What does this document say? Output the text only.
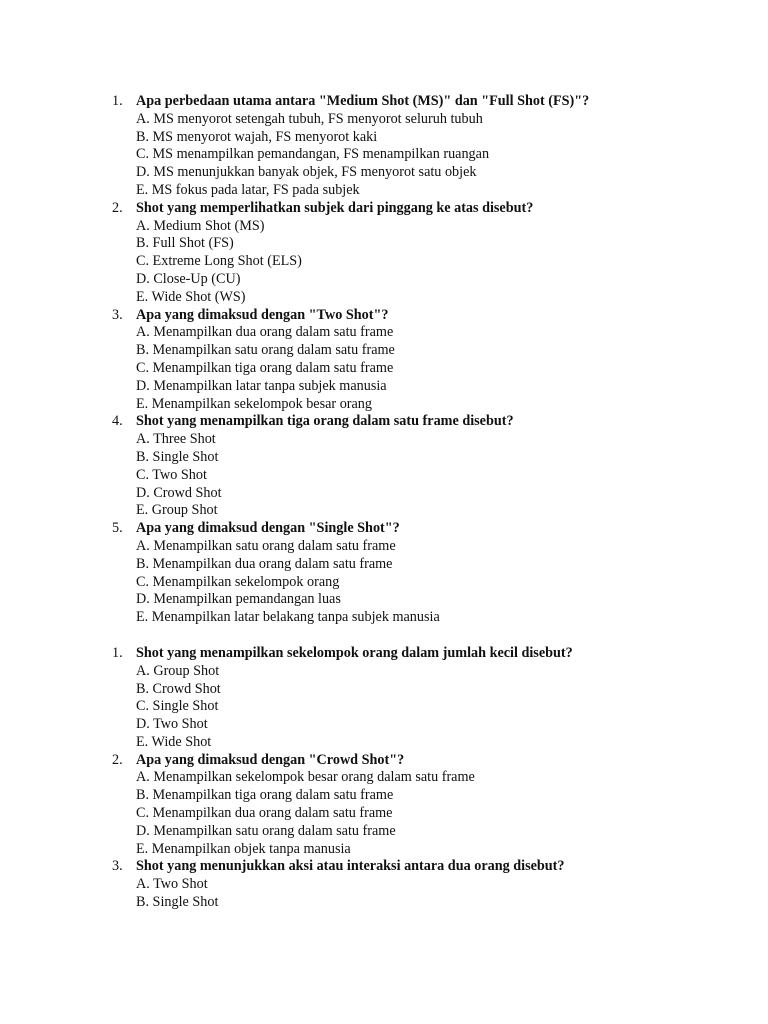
1. Apa perbedaan utama antara "Medium Shot (MS)" dan "Full Shot (FS)"?
A. MS menyorot setengah tubuh, FS menyorot seluruh tubuh
B. MS menyorot wajah, FS menyorot kaki
C. MS menampilkan pemandangan, FS menampilkan ruangan
D. MS menunjukkan banyak objek, FS menyorot satu objek
E. MS fokus pada latar, FS pada subjek
2. Shot yang memperlihatkan subjek dari pinggang ke atas disebut?
A. Medium Shot (MS)
B. Full Shot (FS)
C. Extreme Long Shot (ELS)
D. Close-Up (CU)
E. Wide Shot (WS)
3. Apa yang dimaksud dengan "Two Shot"?
A. Menampilkan dua orang dalam satu frame
B. Menampilkan satu orang dalam satu frame
C. Menampilkan tiga orang dalam satu frame
D. Menampilkan latar tanpa subjek manusia
E. Menampilkan sekelompok besar orang
4. Shot yang menampilkan tiga orang dalam satu frame disebut?
A. Three Shot
B. Single Shot
C. Two Shot
D. Crowd Shot
E. Group Shot
5. Apa yang dimaksud dengan "Single Shot"?
A. Menampilkan satu orang dalam satu frame
B. Menampilkan dua orang dalam satu frame
C. Menampilkan sekelompok orang
D. Menampilkan pemandangan luas
E. Menampilkan latar belakang tanpa subjek manusia
1. Shot yang menampilkan sekelompok orang dalam jumlah kecil disebut?
A. Group Shot
B. Crowd Shot
C. Single Shot
D. Two Shot
E. Wide Shot
2. Apa yang dimaksud dengan "Crowd Shot"?
A. Menampilkan sekelompok besar orang dalam satu frame
B. Menampilkan tiga orang dalam satu frame
C. Menampilkan dua orang dalam satu frame
D. Menampilkan satu orang dalam satu frame
E. Menampilkan objek tanpa manusia
3. Shot yang menunjukkan aksi atau interaksi antara dua orang disebut?
A. Two Shot
B. Single Shot
